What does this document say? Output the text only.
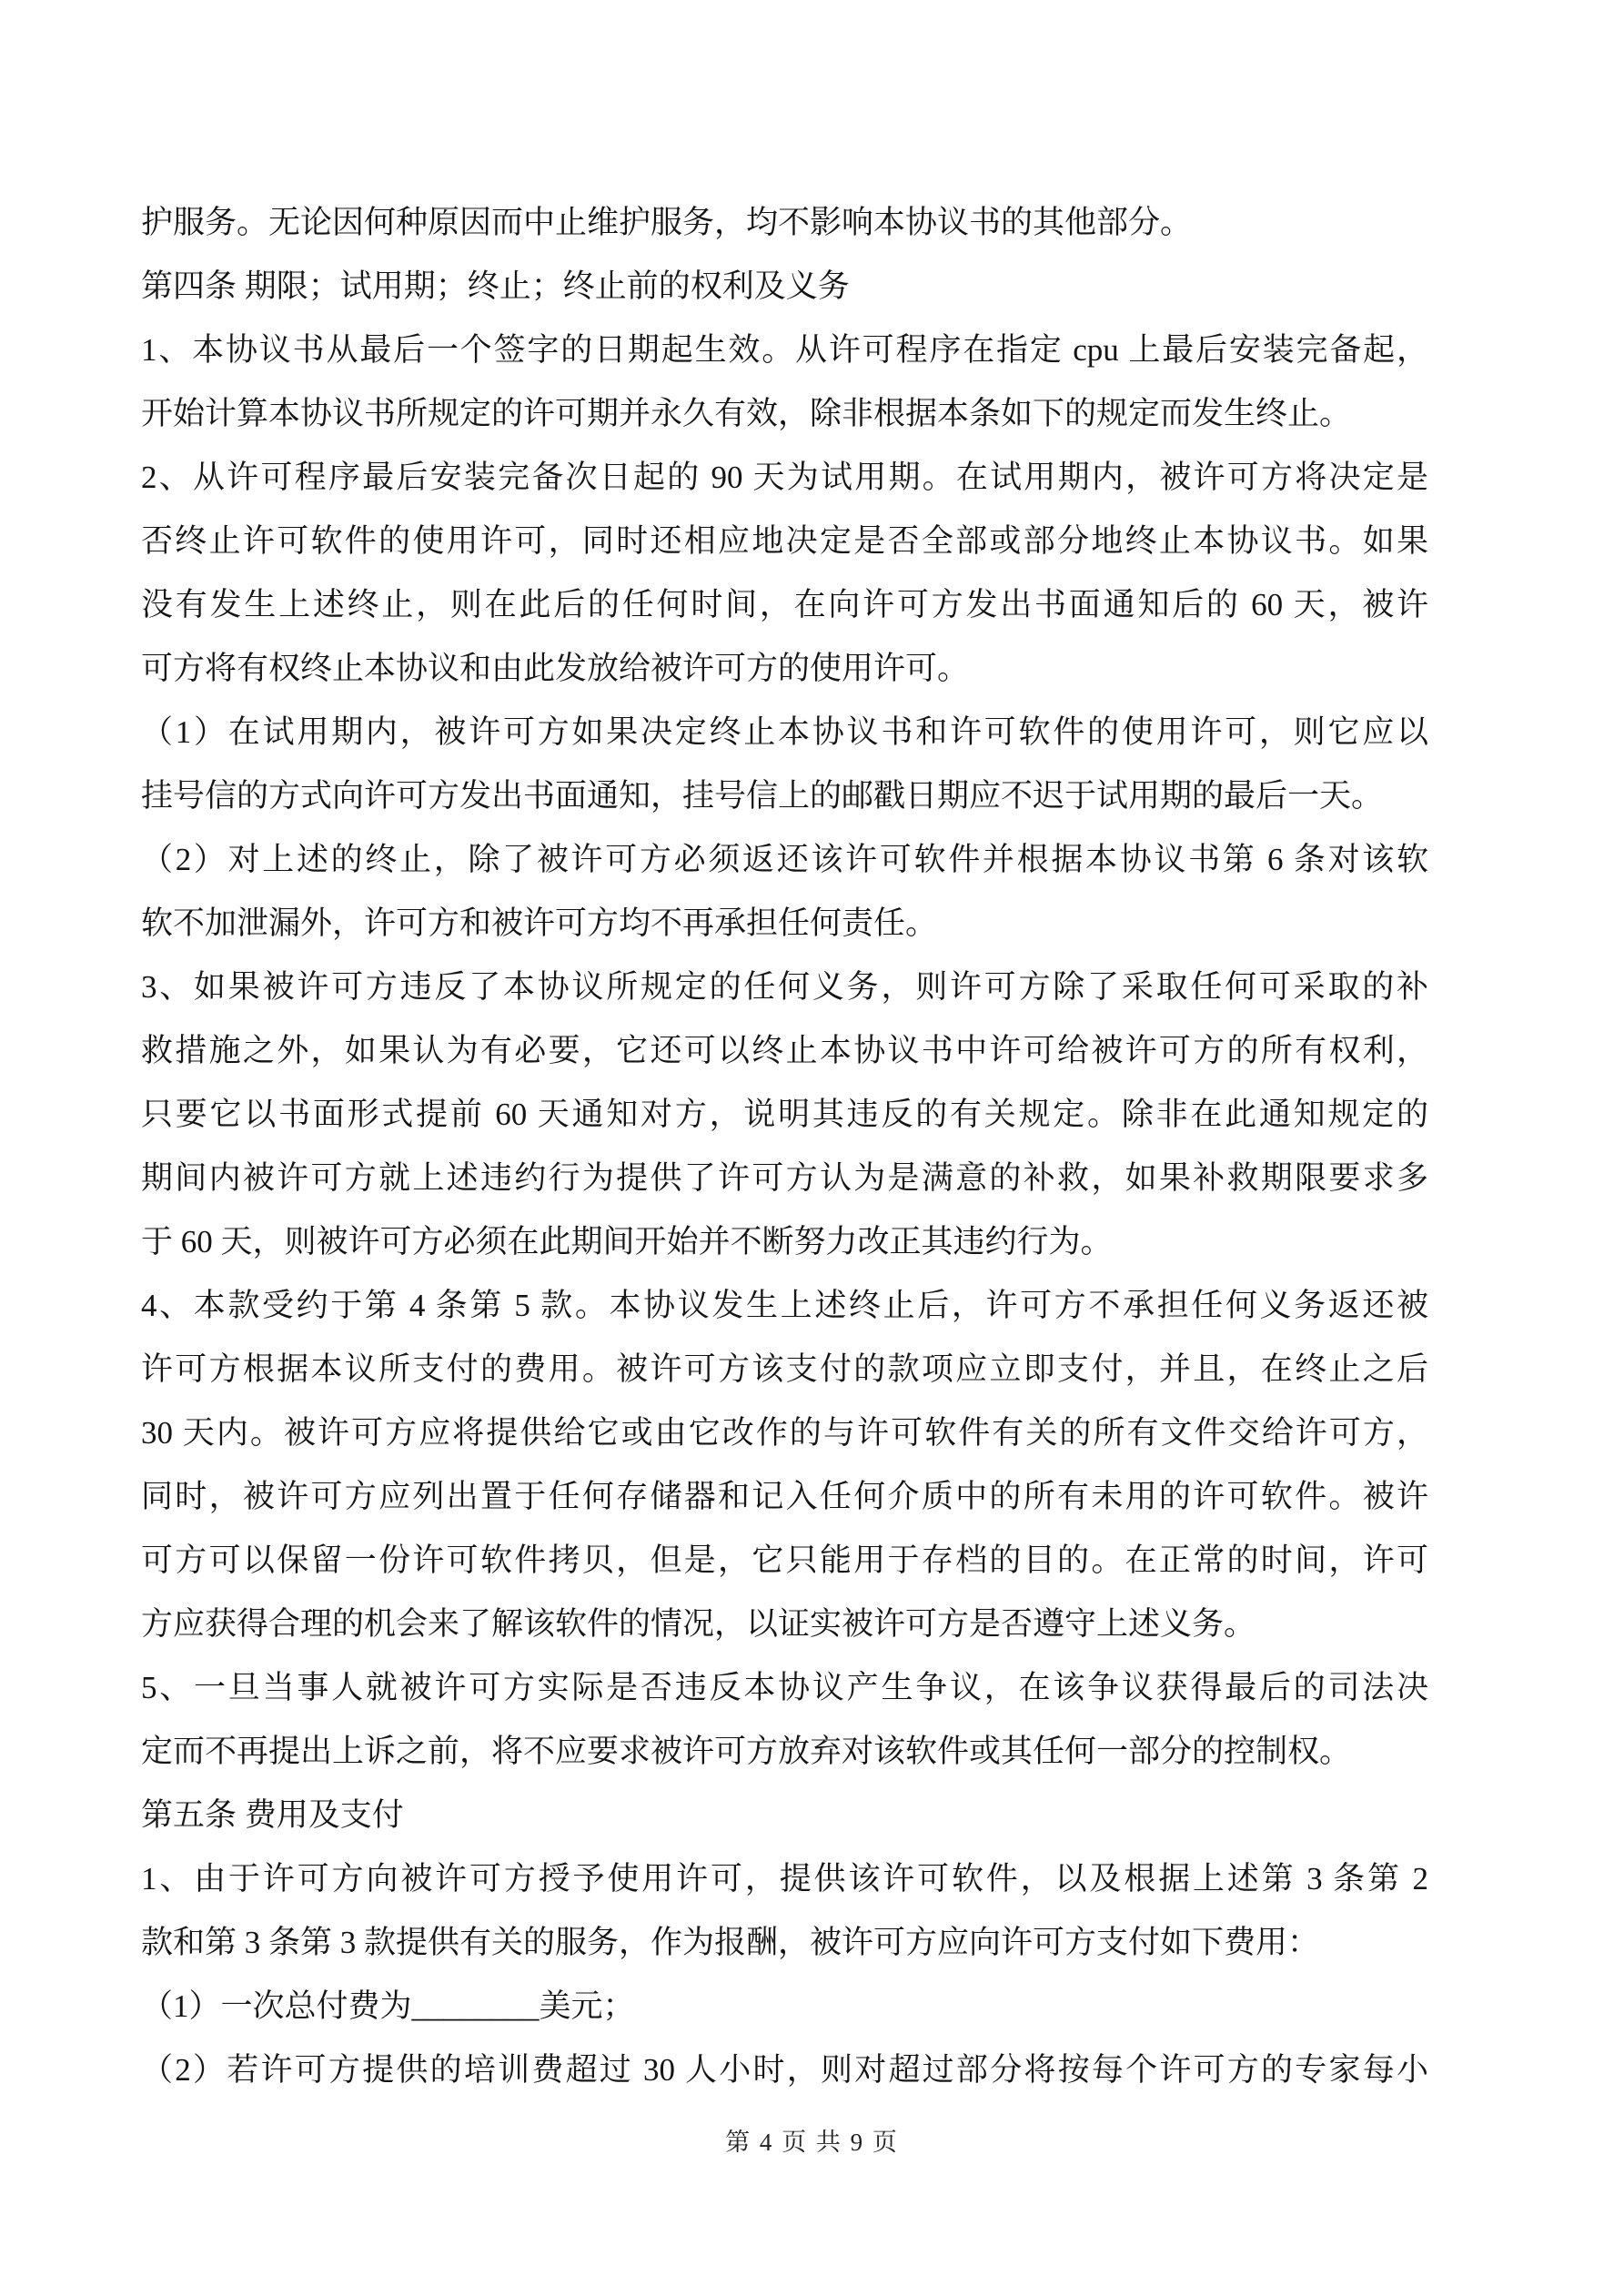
护服务。无论因何种原因而中止维护服务，均不影响本协议书的其他部分。
第四条 期限；试用期；终止；终止前的权利及义务
1、本协议书从最后一个签字的日期起生效。从许可程序在指定 cpu 上最后安装完备起，
开始计算本协议书所规定的许可期并永久有效，除非根据本条如下的规定而发生终止。
2、从许可程序最后安装完备次日起的 90 天为试用期。在试用期内，被许可方将决定是
否终止许可软件的使用许可，同时还相应地决定是否全部或部分地终止本协议书。如果
没有发生上述终止，则在此后的任何时间，在向许可方发出书面通知后的 60 天，被许
可方将有权终止本协议和由此发放给被许可方的使用许可。
（1）在试用期内，被许可方如果决定终止本协议书和许可软件的使用许可，则它应以
挂号信的方式向许可方发出书面通知，挂号信上的邮戳日期应不迟于试用期的最后一天。
（2）对上述的终止，除了被许可方必须返还该许可软件并根据本协议书第 6 条对该软
软不加泄漏外，许可方和被许可方均不再承担任何责任。
3、如果被许可方违反了本协议所规定的任何义务，则许可方除了采取任何可采取的补
救措施之外，如果认为有必要，它还可以终止本协议书中许可给被许可方的所有权利，
只要它以书面形式提前 60 天通知对方，说明其违反的有关规定。除非在此通知规定的
期间内被许可方就上述违约行为提供了许可方认为是满意的补救，如果补救期限要求多
于 60 天，则被许可方必须在此期间开始并不断努力改正其违约行为。
4、本款受约于第 4 条第 5 款。本协议发生上述终止后，许可方不承担任何义务返还被
许可方根据本议所支付的费用。被许可方该支付的款项应立即支付，并且，在终止之后
30 天内。被许可方应将提供给它或由它改作的与许可软件有关的所有文件交给许可方，
同时，被许可方应列出置于任何存储器和记入任何介质中的所有未用的许可软件。被许
可方可以保留一份许可软件拷贝，但是，它只能用于存档的目的。在正常的时间，许可
方应获得合理的机会来了解该软件的情况，以证实被许可方是否遵守上述义务。
5、一旦当事人就被许可方实际是否违反本协议产生争议，在该争议获得最后的司法决
定而不再提出上诉之前，将不应要求被许可方放弃对该软件或其任何一部分的控制权。
第五条 费用及支付
1、由于许可方向被许可方授予使用许可，提供该许可软件，以及根据上述第 3 条第 2
款和第 3 条第 3 款提供有关的服务，作为报酬，被许可方应向许可方支付如下费用：
（1）一次总付费为________美元；
（2）若许可方提供的培训费超过 30 人小时，则对超过部分将按每个许可方的专家每小
第 4 页 共 9 页
